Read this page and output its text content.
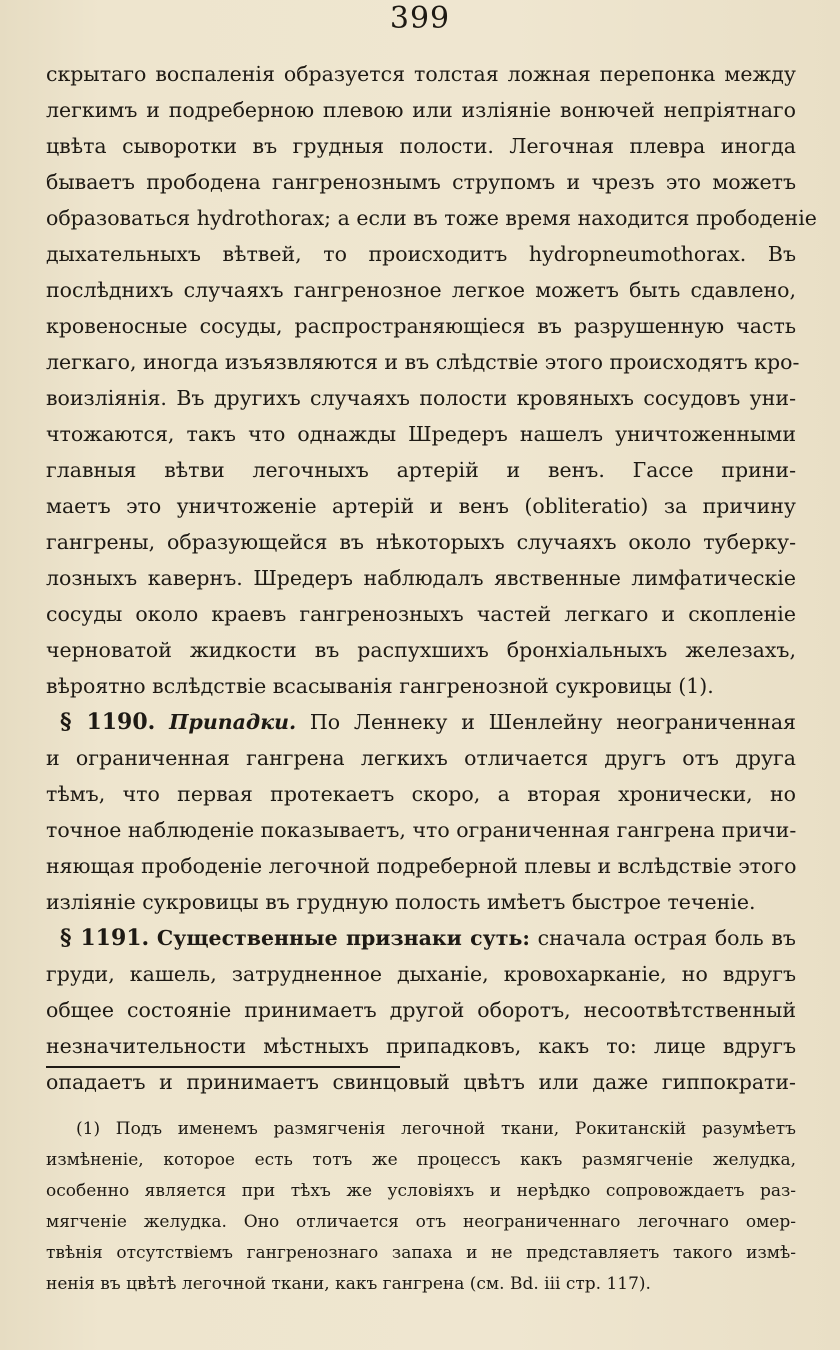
399
скрытаго воспаленія образуется толстая ложная перепонка между
легкимъ и подреберною плевою или изліяніе вонючей непріятнаго
цвѣта сыворотки въ грудныя полости. Легочная плевра иногда
бываетъ прободена гангренознымъ струпомъ и чрезъ это можетъ
образоваться hydrothorax; а если въ тоже время находится прободеніе
дыхательныхъ вѣтвей, то происходитъ hydropneumothorax. Въ
послѣднихъ случаяхъ гангренозное легкое можетъ быть сдавлено,
кровеносные сосуды, распространяющіеся въ разрушенную часть
легкаго, иногда изъязвляются и въ слѣдствіе этого происходятъ кро-
воизліянія. Въ другихъ случаяхъ полости кровяныхъ сосудовъ уни-
чтожаются, такъ что однажды Шредеръ нашелъ уничтоженными
главныя вѣтви легочныхъ артерій и венъ. Гассе прини-
маетъ это уничтоженіе артерій и венъ (obliteratio) за причину
гангрены, образующейся въ нѣкоторыхъ случаяхъ около туберку-
лозныхъ кавернъ. Шредеръ наблюдалъ явственные лимфатическіе
сосуды около краевъ гангренозныхъ частей легкаго и скопленіе
черноватой жидкости въ распухшихъ бронхіальныхъ железахъ,
вѣроятно вслѣдствіе всасыванія гангренозной сукровицы (1).
§ 1190. Припадки. По Леннеку и Шенлейну неограниченная
и ограниченная гангрена легкихъ отличается другъ отъ друга
тѣмъ, что первая протекаетъ скоро, а вторая хронически, но
точное наблюденіе показываетъ, что ограниченная гангрена причи-
няющая прободеніе легочной подреберной плевы и вслѣдствіе этого
изліяніе сукровицы въ грудную полость имѣетъ быстрое теченіе.
§ 1191. Существенные признаки суть: сначала острая боль въ
груди, кашель, затрудненное дыханіе, кровохарканіе, но вдругъ
общее состояніе принимаетъ другой оборотъ, несоотвѣтственный
незначительности мѣстныхъ припадковъ, какъ то: лице вдругъ
опадаетъ и принимаетъ свинцовый цвѣтъ или даже гиппократи-
(1) Подъ именемъ размягченія легочной ткани, Рокитанскій разумѣетъ
измѣненіе, которое есть тотъ же процессъ какъ размягченіе желудка,
особенно является при тѣхъ же условіяхъ и нерѣдко сопровождаетъ раз-
мягченіе желудка. Оно отличается отъ неограниченнаго легочнаго омер-
твѣнія отсутствіемъ гангренознаго запаха и не представляетъ такого измѣ-
ненія въ цвѣтѣ легочной ткани, какъ гангрена (см. Bd. iii стр. 117).
